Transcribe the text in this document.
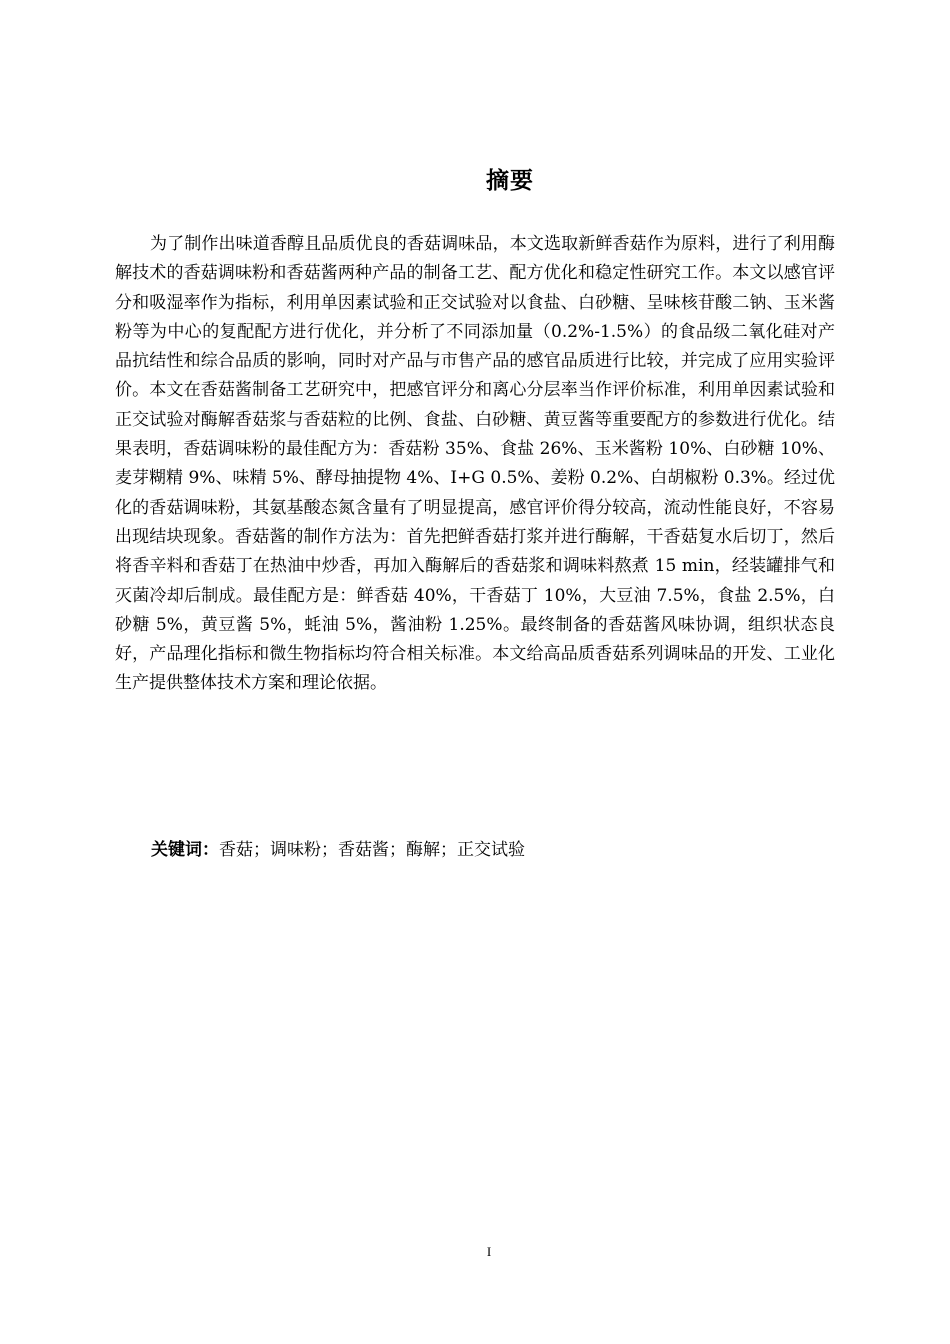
摘要

为了制作出味道香醇且品质优良的香菇调味品，本文选取新鲜香菇作为原料，进行了利用酶解技术的香菇调味粉和香菇酱两种产品的制备工艺、配方优化和稳定性研究工作。本文以感官评分和吸湿率作为指标，利用单因素试验和正交试验对以食盐、白砂糖、呈味核苷酸二钠、玉米酱粉等为中心的复配配方进行优化，并分析了不同添加量（0.2%-1.5%）的食品级二氧化硅对产品抗结性和综合品质的影响，同时对产品与市售产品的感官品质进行比较，并完成了应用实验评价。本文在香菇酱制备工艺研究中，把感官评分和离心分层率当作评价标准，利用单因素试验和正交试验对酶解香菇浆与香菇粒的比例、食盐、白砂糖、黄豆酱等重要配方的参数进行优化。结果表明，香菇调味粉的最佳配方为：香菇粉 35%、食盐 26%、玉米酱粉 10%、白砂糖 10%、麦芽糊精 9%、味精 5%、酵母抽提物 4%、I+G 0.5%、姜粉 0.2%、白胡椒粉 0.3%。经过优化的香菇调味粉，其氨基酸态氮含量有了明显提高，感官评价得分较高，流动性能良好，不容易出现结块现象。香菇酱的制作方法为：首先把鲜香菇打浆并进行酶解，干香菇复水后切丁，然后将香辛料和香菇丁在热油中炒香，再加入酶解后的香菇浆和调味料熬煮 15 min，经装罐排气和灭菌冷却后制成。最佳配方是：鲜香菇 40%，干香菇丁 10%，大豆油 7.5%，食盐 2.5%，白砂糖 5%，黄豆酱 5%，蚝油 5%，酱油粉 1.25%。最终制备的香菇酱风味协调，组织状态良好，产品理化指标和微生物指标均符合相关标准。本文给高品质香菇系列调味品的开发、工业化生产提供整体技术方案和理论依据。

关键词：香菇；调味粉；香菇酱；酶解；正交试验

I
